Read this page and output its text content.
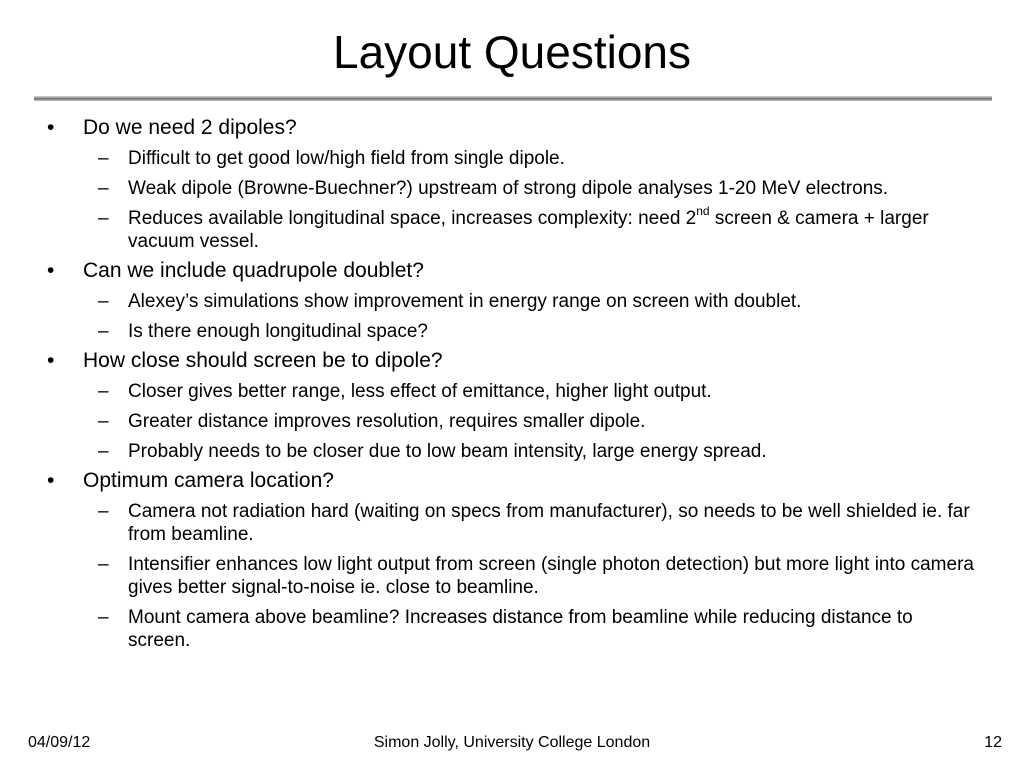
Layout Questions
• Do we need 2 dipoles?
– Difficult to get good low/high field from single dipole.
– Weak dipole (Browne-Buechner?) upstream of strong dipole analyses 1-20 MeV electrons.
– Reduces available longitudinal space, increases complexity: need 2nd screen & camera + larger vacuum vessel.
• Can we include quadrupole doublet?
– Alexey’s simulations show improvement in energy range on screen with doublet.
– Is there enough longitudinal space?
• How close should screen be to dipole?
– Closer gives better range, less effect of emittance, higher light output.
– Greater distance improves resolution, requires smaller dipole.
– Probably needs to be closer due to low beam intensity, large energy spread.
• Optimum camera location?
– Camera not radiation hard (waiting on specs from manufacturer), so needs to be well shielded ie. far from beamline.
– Intensifier enhances low light output from screen (single photon detection) but more light into camera gives better signal-to-noise ie. close to beamline.
– Mount camera above beamline? Increases distance from beamline while reducing distance to screen.
04/09/12	Simon Jolly, University College London	12
